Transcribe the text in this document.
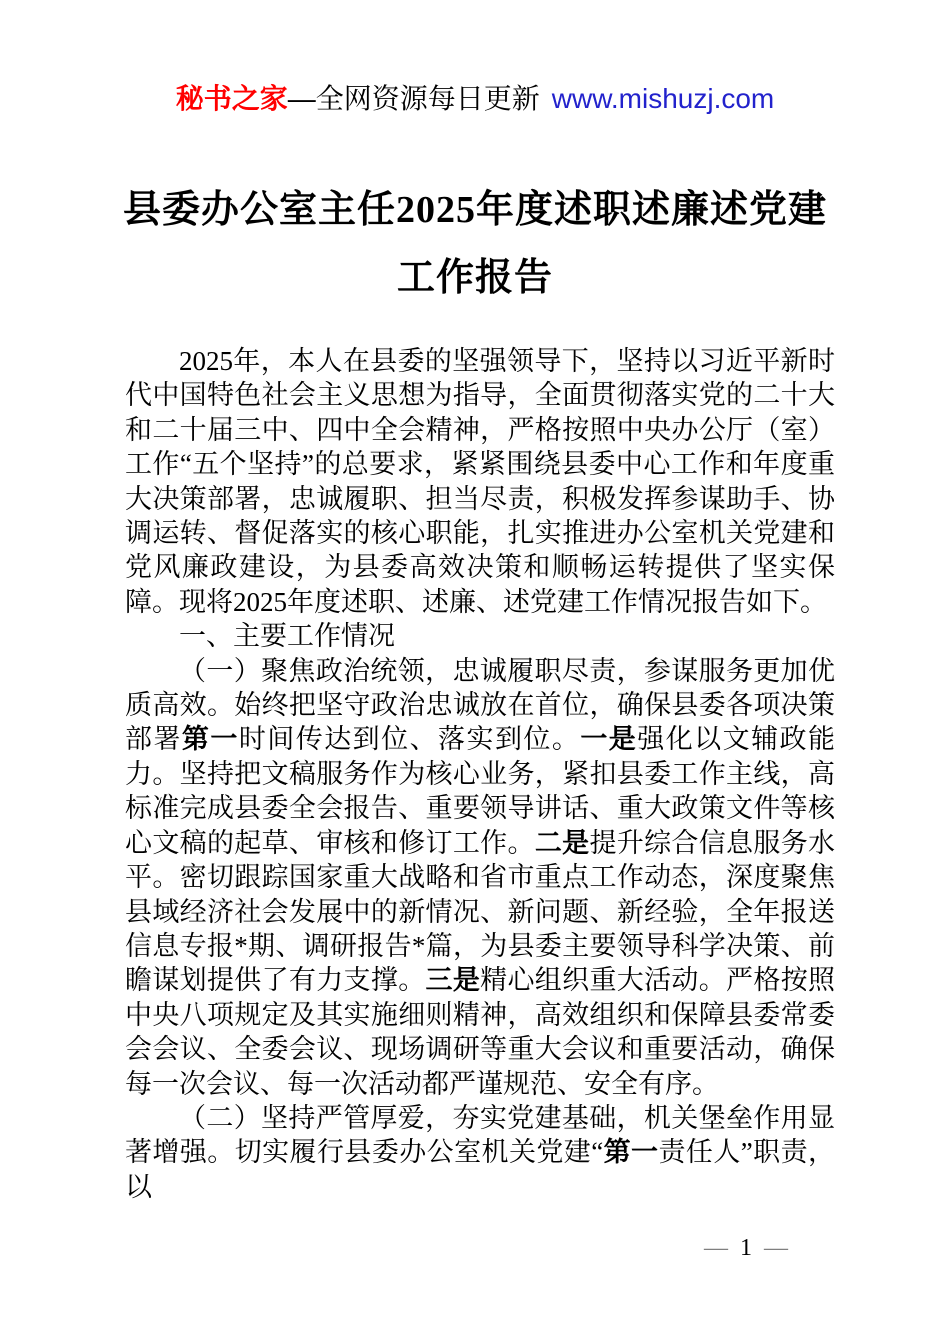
秘书之家—全网资源每日更新 www.mishuzj.com
县委办公室主任2025年度述职述廉述党建
工作报告

2025年，本人在县委的坚强领导下，坚持以习近平新时代中国特色社会主义思想为指导，全面贯彻落实党的二十大和二十届三中、四中全会精神，严格按照中央办公厅（室）工作“五个坚持”的总要求，紧紧围绕县委中心工作和年度重大决策部署，忠诚履职、担当尽责，积极发挥参谋助手、协调运转、督促落实的核心职能，扎实推进办公室机关党建和党风廉政建设，为县委高效决策和顺畅运转提供了坚实保障。现将2025年度述职、述廉、述党建工作情况报告如下。

一、主要工作情况

（一）聚焦政治统领，忠诚履职尽责，参谋服务更加优质高效。始终把坚守政治忠诚放在首位，确保县委各项决策部署第一时间传达到位、落实到位。一是强化以文辅政能力。坚持把文稿服务作为核心业务，紧扣县委工作主线，高标准完成县委全会报告、重要领导讲话、重大政策文件等核心文稿的起草、审核和修订工作。二是提升综合信息服务水平。密切跟踪国家重大战略和省市重点工作动态，深度聚焦县域经济社会发展中的新情况、新问题、新经验，全年报送信息专报*期、调研报告*篇，为县委主要领导科学决策、前瞻谋划提供了有力支撑。三是精心组织重大活动。严格按照中央八项规定及其实施细则精神，高效组织和保障县委常委会会议、全委会议、现场调研等重大会议和重要活动，确保每一次会议、每一次活动都严谨规范、安全有序。

（二）坚持严管厚爱，夯实党建基础，机关堡垒作用显著增强。切实履行县委办公室机关党建“第一责任人”职责，以

— 1 —
